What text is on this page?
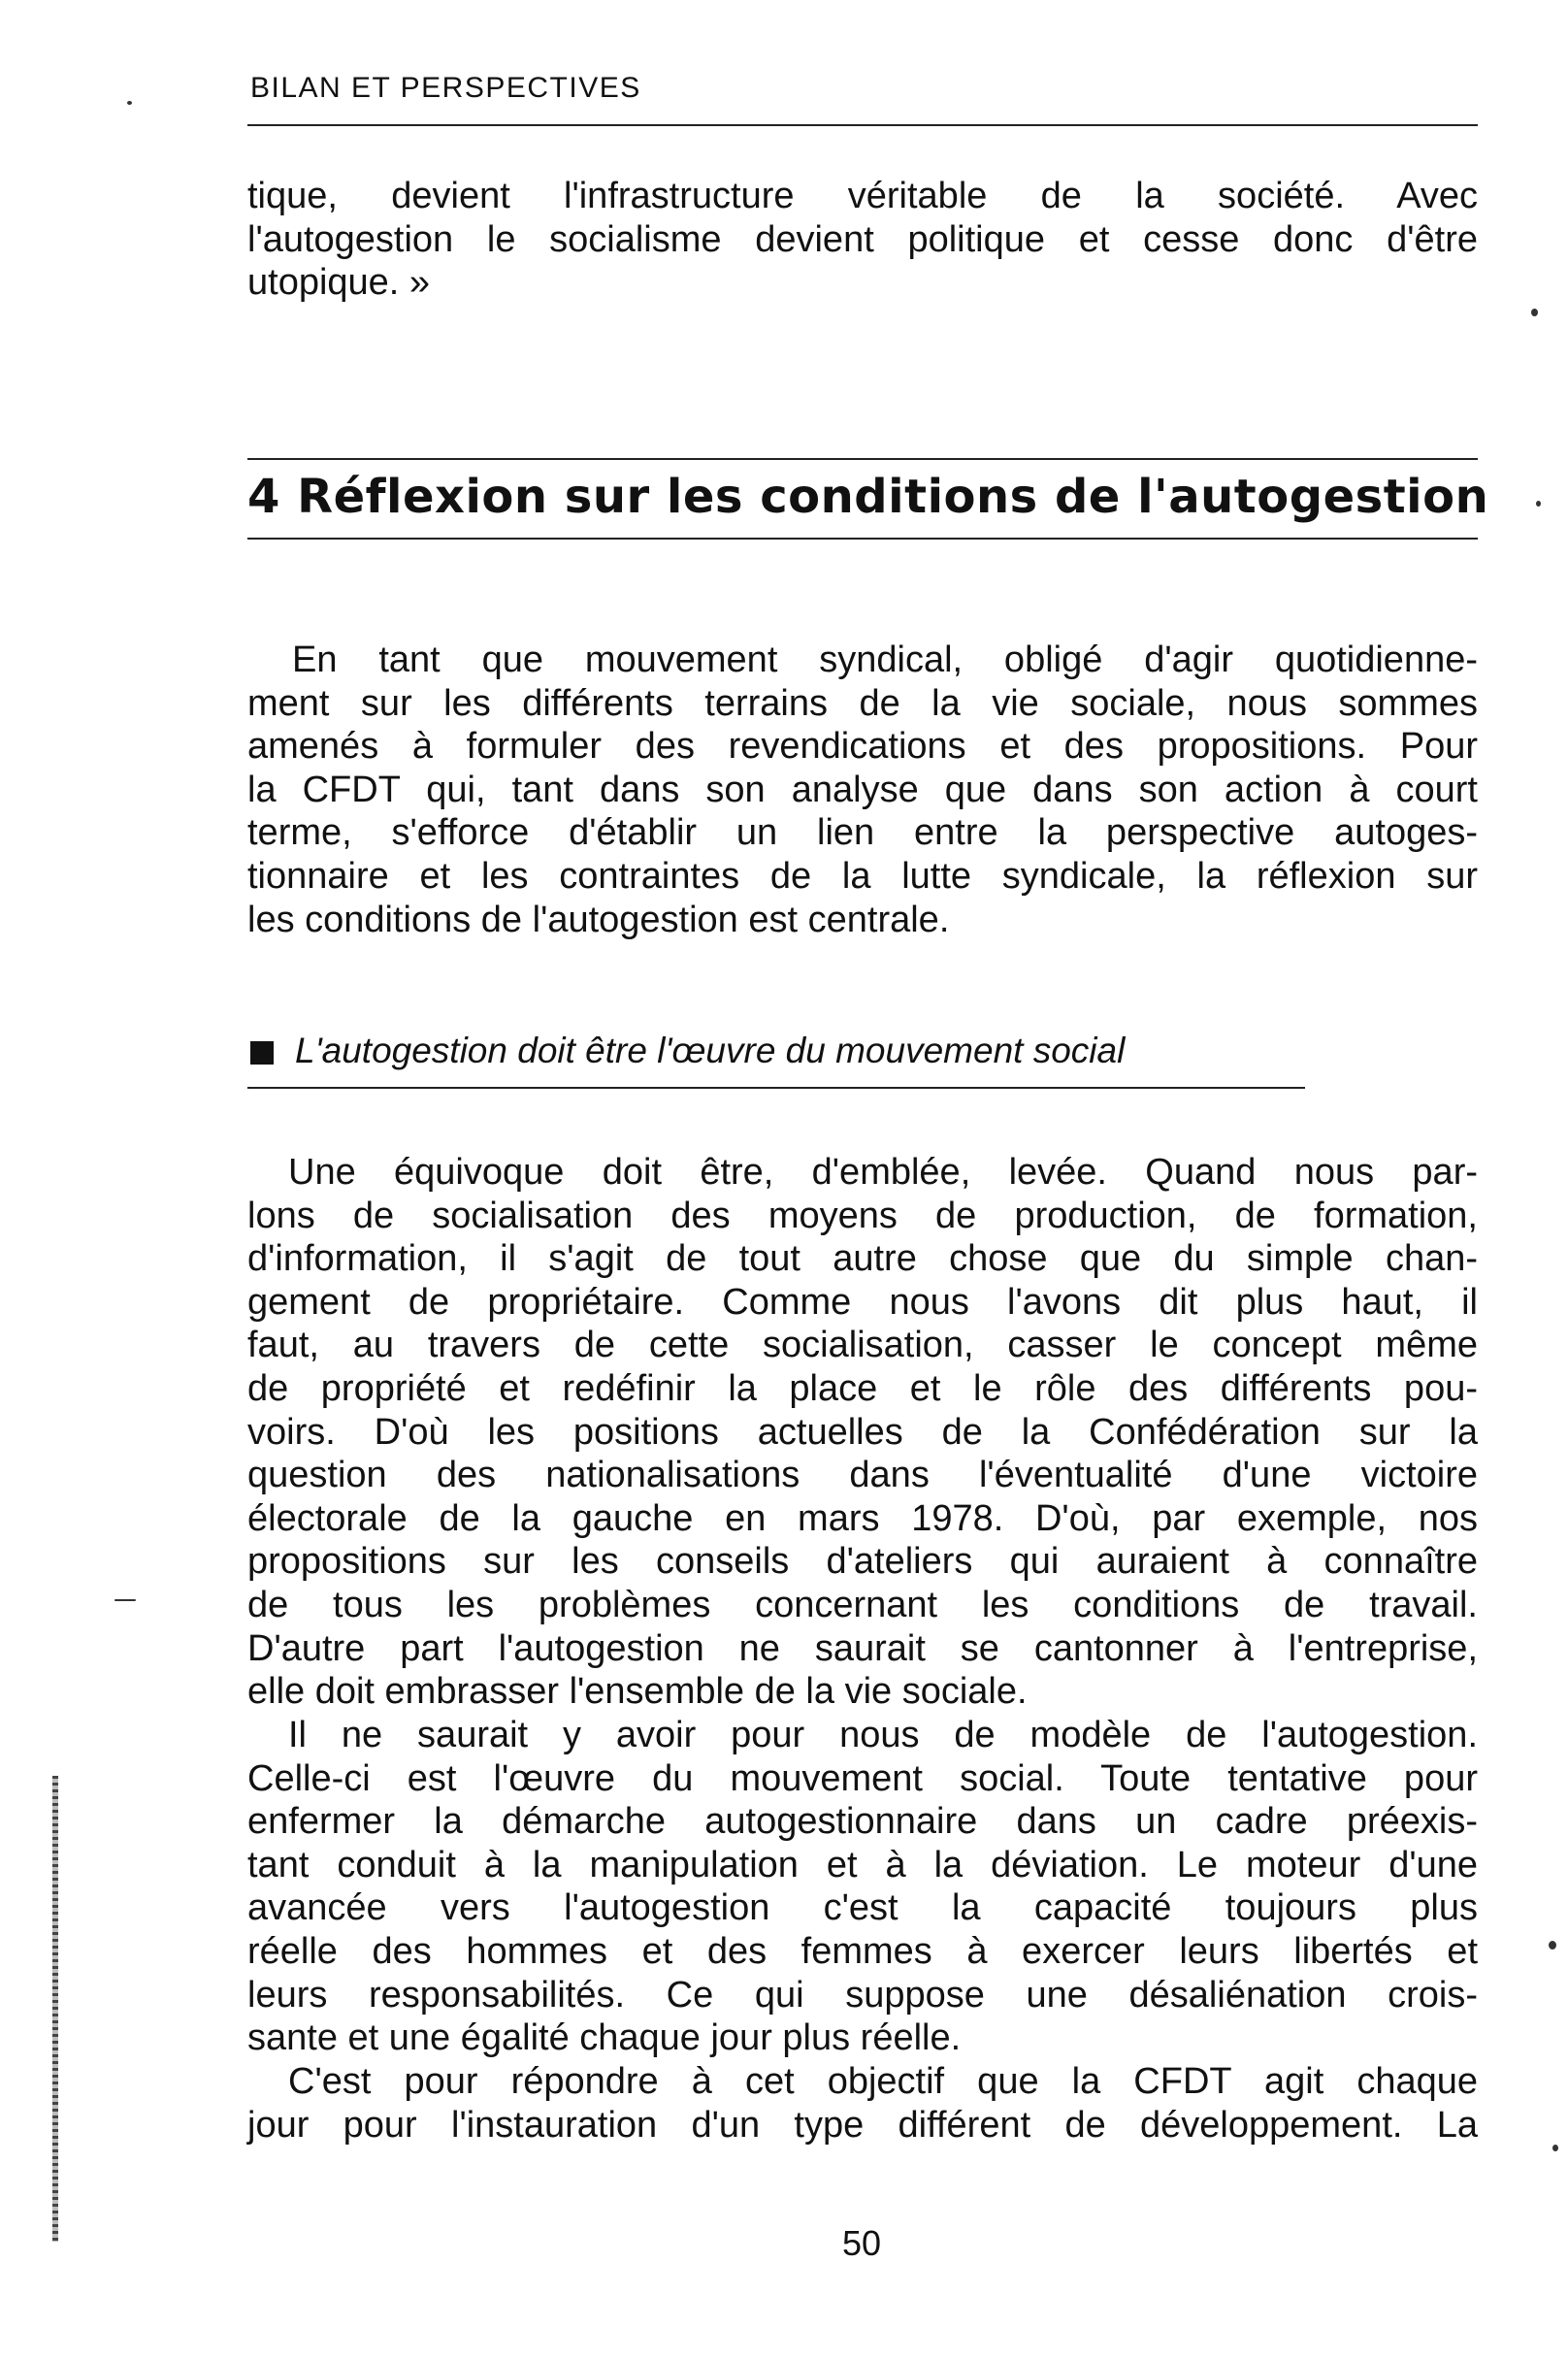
BILAN ET PERSPECTIVES
tique, devient l'infrastructure véritable de la société. Avec
l'autogestion le socialisme devient politique et cesse donc d'être
utopique. »
4 Réflexion sur les conditions de l'autogestion
En tant que mouvement syndical, obligé d'agir quotidienne-
ment sur les différents terrains de la vie sociale, nous sommes
amenés à formuler des revendications et des propositions. Pour
la CFDT qui, tant dans son analyse que dans son action à court
terme, s'efforce d'établir un lien entre la perspective autoges-
tionnaire et les contraintes de la lutte syndicale, la réflexion sur
les conditions de l'autogestion est centrale.
L'autogestion doit être l'œuvre du mouvement social
Une équivoque doit être, d'emblée, levée. Quand nous par-
lons de socialisation des moyens de production, de formation,
d'information, il s'agit de tout autre chose que du simple chan-
gement de propriétaire. Comme nous l'avons dit plus haut, il
faut, au travers de cette socialisation, casser le concept même
de propriété et redéfinir la place et le rôle des différents pou-
voirs. D'où les positions actuelles de la Confédération sur la
question des nationalisations dans l'éventualité d'une victoire
électorale de la gauche en mars 1978. D'où, par exemple, nos
propositions sur les conseils d'ateliers qui auraient à connaître
de tous les problèmes concernant les conditions de travail.
D'autre part l'autogestion ne saurait se cantonner à l'entreprise,
elle doit embrasser l'ensemble de la vie sociale.
Il ne saurait y avoir pour nous de modèle de l'autogestion.
Celle-ci est l'œuvre du mouvement social. Toute tentative pour
enfermer la démarche autogestionnaire dans un cadre préexis-
tant conduit à la manipulation et à la déviation. Le moteur d'une
avancée vers l'autogestion c'est la capacité toujours plus
réelle des hommes et des femmes à exercer leurs libertés et
leurs responsabilités. Ce qui suppose une désaliénation crois-
sante et une égalité chaque jour plus réelle.
C'est pour répondre à cet objectif que la CFDT agit chaque
jour pour l'instauration d'un type différent de développement. La
50
